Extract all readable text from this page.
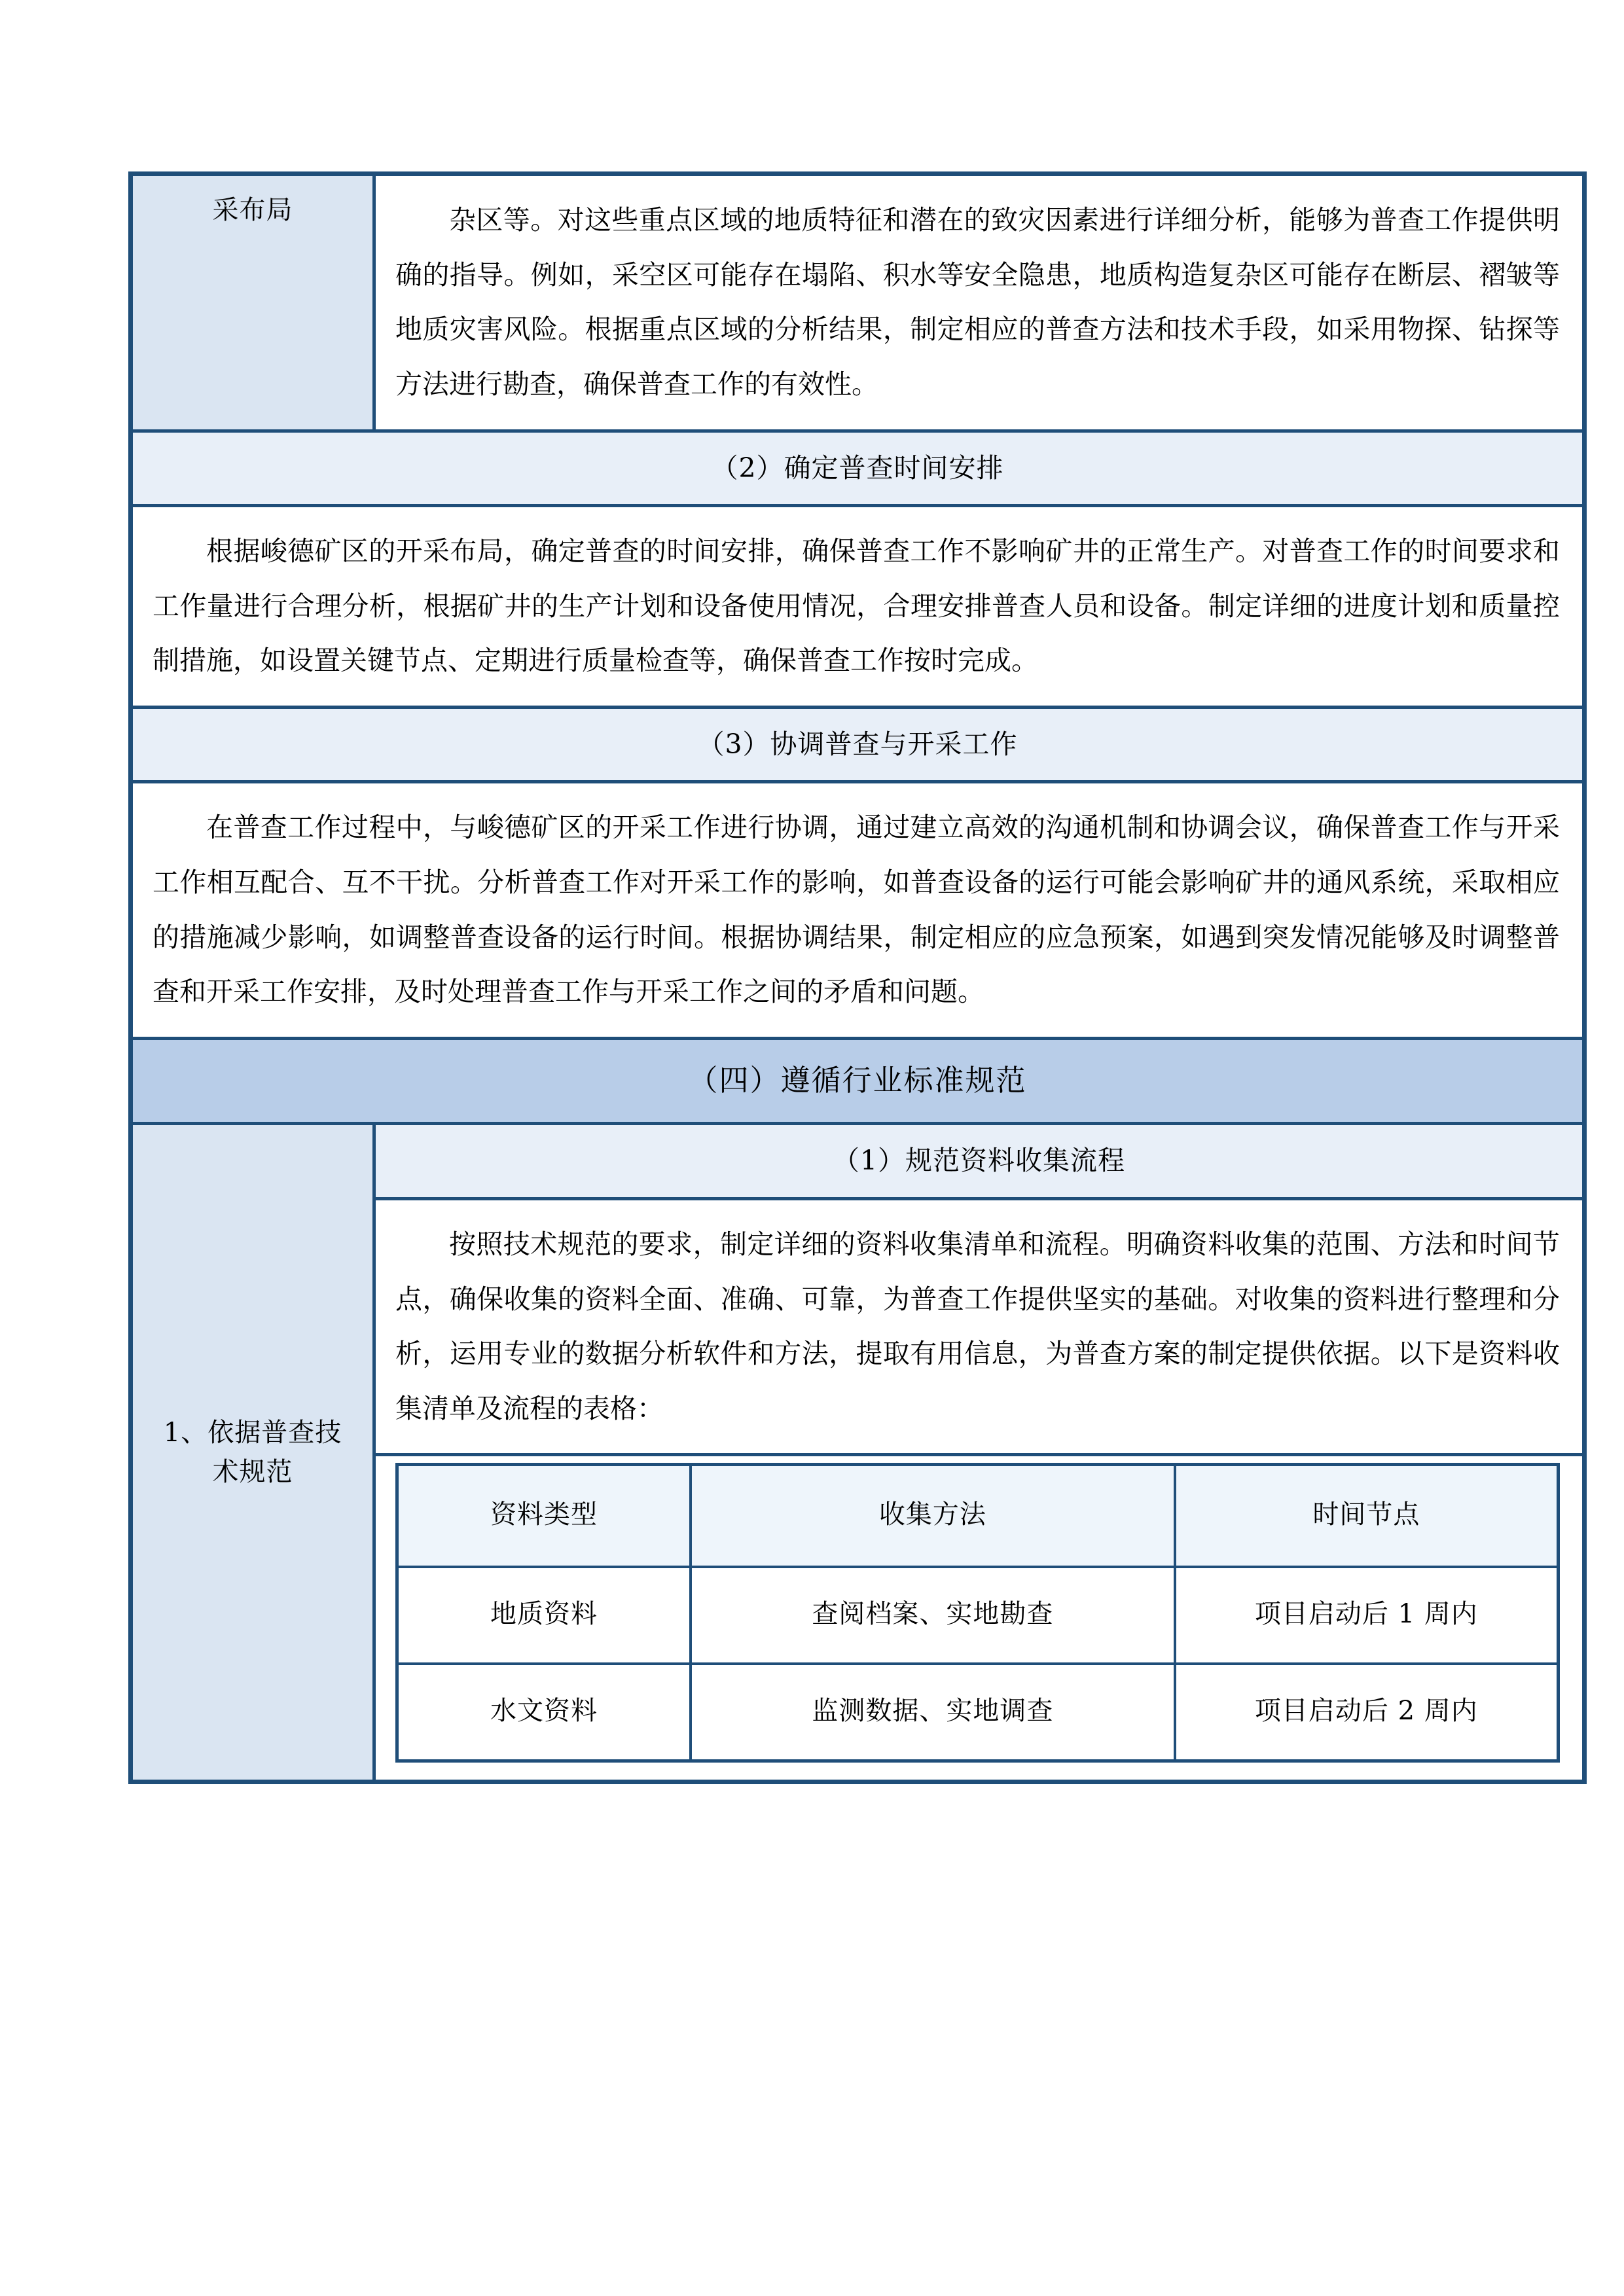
采布局	杂区等。对这些重点区域的地质特征和潜在的致灾因素进行详细分析，能够为普查工作提供明确的指导。例如，采空区可能存在塌陷、积水等安全隐患，地质构造复杂区可能存在断层、褶皱等地质灾害风险。根据重点区域的分析结果，制定相应的普查方法和技术手段，如采用物探、钻探等方法进行勘查，确保普查工作的有效性。

（2）确定普查时间安排

根据峻德矿区的开采布局，确定普查的时间安排，确保普查工作不影响矿井的正常生产。对普查工作的时间要求和工作量进行合理分析，根据矿井的生产计划和设备使用情况，合理安排普查人员和设备。制定详细的进度计划和质量控制措施，如设置关键节点、定期进行质量检查等，确保普查工作按时完成。

（3）协调普查与开采工作

在普查工作过程中，与峻德矿区的开采工作进行协调，通过建立高效的沟通机制和协调会议，确保普查工作与开采工作相互配合、互不干扰。分析普查工作对开采工作的影响，如普查设备的运行可能会影响矿井的通风系统，采取相应的措施减少影响，如调整普查设备的运行时间。根据协调结果，制定相应的应急预案，如遇到突发情况能够及时调整普查和开采工作安排，及时处理普查工作与开采工作之间的矛盾和问题。

（四）遵循行业标准规范
1、依据普查技术规范	（1）规范资料收集流程

按照技术规范的要求，制定详细的资料收集清单和流程。明确资料收集的范围、方法和时间节点，确保收集的资料全面、准确、可靠，为普查工作提供坚实的基础。对收集的资料进行整理和分析，运用专业的数据分析软件和方法，提取有用信息，为普查方案的制定提供依据。以下是资料收集清单及流程的表格：

资料类型	收集方法	时间节点
地质资料	查阅档案、实地勘查	项目启动后 1 周内
水文资料	监测数据、实地调查	项目启动后 2 周内
